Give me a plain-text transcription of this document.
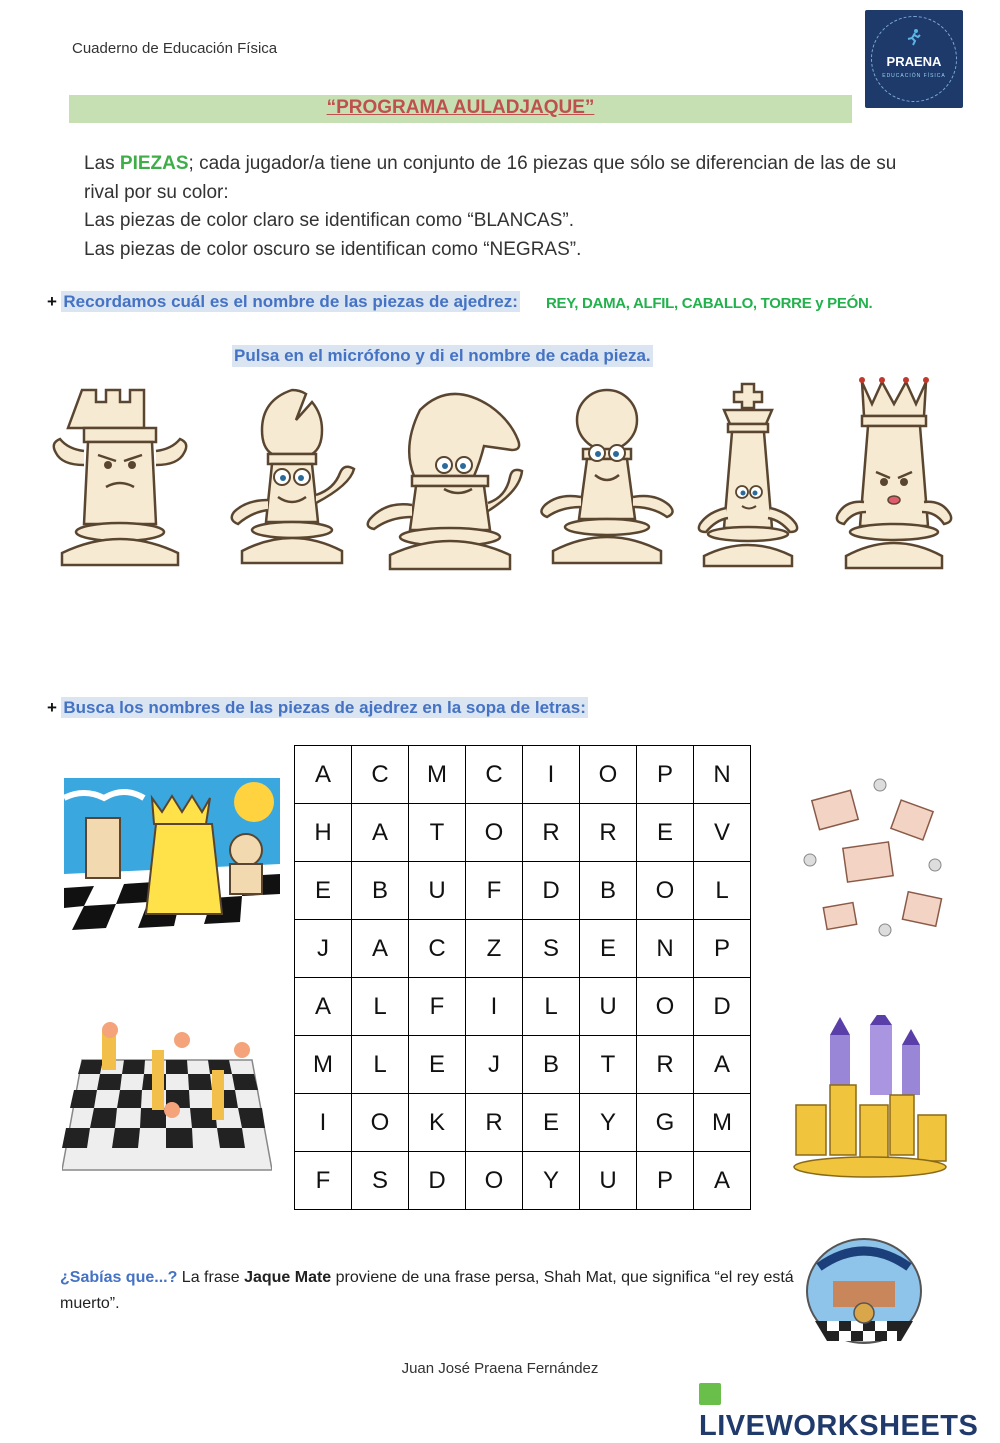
Cuaderno de Educación Física
PRAENA
EDUCACIÓN FÍSICA
“PROGRAMA AULADJAQUE”

Las PIEZAS; cada jugador/a tiene un conjunto de 16 piezas que sólo se diferencian de las de su rival por su color:

Las piezas de color claro se identifican como “BLANCAS”.

Las piezas de color oscuro se identifican como “NEGRAS”.

+ Recordamos cuál es el nombre de las piezas de ajedrez: REY, DAMA, ALFIL, CABALLO, TORRE y PEÓN.
Pulsa en el micrófono y di el nombre de cada pieza.
+ Busca los nombres de las piezas de ajedrez en la sopa de letras:
A	C	M	C	I	O	P	N
H	A	T	O	R	R	E	V
E	B	U	F	D	B	O	L
J	A	C	Z	S	E	N	P
A	L	F	I	L	U	O	D
M	L	E	J	B	T	R	A
I	O	K	R	E	Y	G	M
F	S	D	O	Y	U	P	A
¿Sabías que...? La frase Jaque Mate proviene de una frase persa, Shah Mat, que significa “el rey está muerto”.
Juan José Praena Fernández
LIVEWORKSHEETS
